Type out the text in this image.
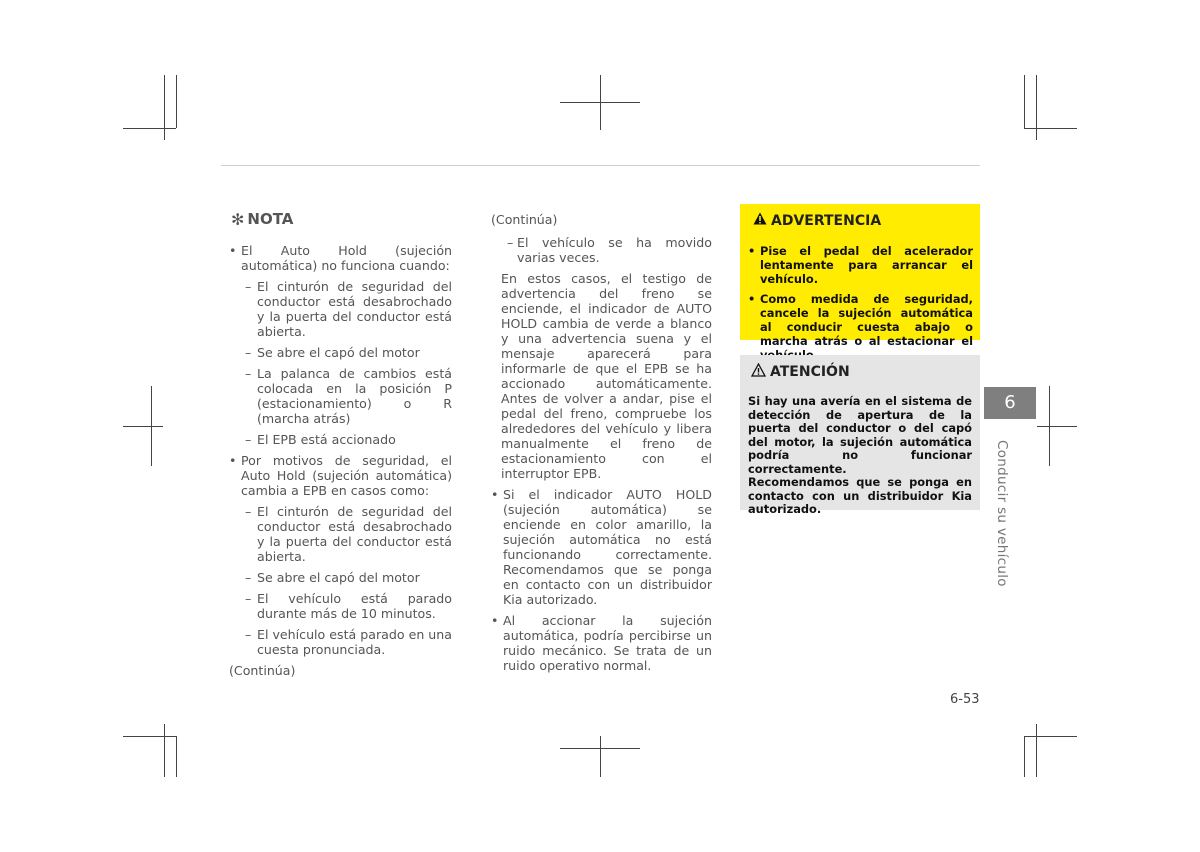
✻ NOTA
• El Auto Hold (sujeción automática) no funciona cuando:
– El cinturón de seguridad del conductor está desabrochado y la puerta del conductor está abierta.
– Se abre el capó del motor
– La palanca de cambios está colocada en la posición P (estacionamiento) o R (marcha atrás)
– El EPB está accionado
• Por motivos de seguridad, el Auto Hold (sujeción automática) cambia a EPB en casos como:
– El cinturón de seguridad del conductor está desabrochado y la puerta del conductor está abierta.
– Se abre el capó del motor
– El vehículo está parado durante más de 10 minutos.
– El vehículo está parado en una cuesta pronunciada.
(Continúa)
(Continúa)
– El vehículo se ha movido varias veces.

En estos casos, el testigo de advertencia del freno se enciende, el indicador de AUTO HOLD cambia de verde a blanco y una advertencia suena y el mensaje aparecerá para informarle de que el EPB se ha accionado automáticamente. Antes de volver a andar, pise el pedal del freno, compruebe los alrededores del vehículo y libera manualmente el freno de estacionamiento con el interruptor EPB.

• Si el indicador AUTO HOLD (sujeción automática) se enciende en color amarillo, la sujeción automática no está funcionando correctamente. Recomendamos que se ponga en contacto con un distribuidor Kia autorizado.
• Al accionar la sujeción automática, podría percibirse un ruido mecánico. Se trata de un ruido operativo normal.
ADVERTENCIA
• Pise el pedal del acelerador lentamente para arrancar el vehículo.
• Como medida de seguridad, cancele la sujeción automática al conducir cuesta abajo o marcha atrás o al estacionar el
ATENCIÓN

Si hay una avería en el sistema de detección de apertura de la puerta del conductor o del capó del motor, la sujeción automática podría no funcionar correctamente.

Recomendamos que se ponga en contacto con un distribuidor Kia autorizado.

6
Conducir su vehículo
6-53
